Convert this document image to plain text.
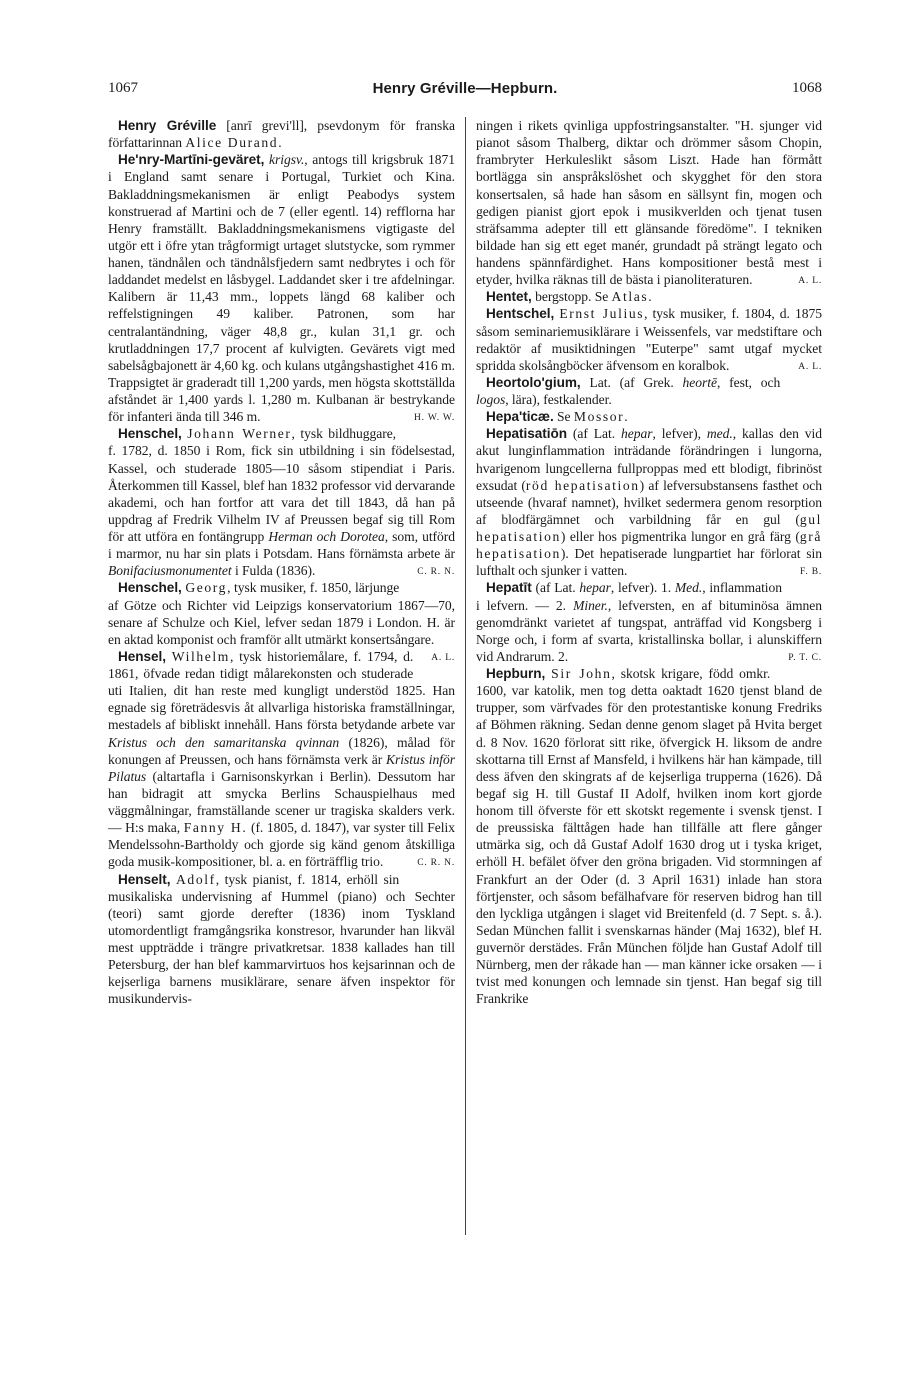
1067	Henry Gréville—Hepburn.	1068

Henry Gréville [anrī grevi'll], psevdonym för franska författarinnan Alice Durand.

He'nry-Martīni-geväret, krigsv., antogs till krigsbruk 1871 i England samt senare i Portugal, Turkiet och Kina. Bakladdningsmekanismen är enligt Peabodys system konstruerad af Martini och de 7 (eller egentl. 14) refflorna har Henry framställt. Bakladdningsmekanismens vigtigaste del utgör ett i öfre ytan trågformigt urtaget slutstycke, som rymmer hanen, tändnålen och tändnålsfjedern samt nedbrytes i och för laddandet medelst en låsbygel. Laddandet sker i tre afdelningar. Kalibern är 11,43 mm., loppets längd 68 kaliber och reffelstigningen 49 kaliber. Patronen, som har centralantändning, väger 48,8 gr., kulan 31,1 gr. och krutladdningen 17,7 procent af kulvigten. Gevärets vigt med sabelsågbajonett är 4,60 kg. och kulans utgångshastighet 416 m. Trappsigtet är graderadt till 1,200 yards, men högsta skottställda afståndet är 1,400 yards l. 1,280 m. Kulbanan är bestrykande för infanteri ända till 346 m.	H. W. W.

Henschel, Johann Werner, tysk bildhuggare, f. 1782, d. 1850 i Rom, fick sin utbildning i sin födelsestad, Kassel, och studerade 1805—10 såsom stipendiat i Paris. Återkommen till Kassel, blef han 1832 professor vid dervarande akademi, och han fortfor att vara det till 1843, då han på uppdrag af Fredrik Vilhelm IV af Preussen begaf sig till Rom för att utföra en fontängrupp Herman och Dorotea, som, utförd i marmor, nu har sin plats i Potsdam. Hans förnämsta arbete är Bonifaciusmonumentet i Fulda (1836).	C. R. N.

Henschel, Georg, tysk musiker, f. 1850, lärjunge af Götze och Richter vid Leipzigs konservatorium 1867—70, senare af Schulze och Kiel, lefver sedan 1879 i London. H. är en aktad komponist och framför allt utmärkt konsertsångare.
A. L.

Hensel, Wilhelm, tysk historiemålare, f. 1794, d. 1861, öfvade redan tidigt målarekonsten och studerade uti Italien, dit han reste med kungligt understöd 1825. Han egnade sig företrädesvis åt allvarliga historiska framställningar, mestadels af bibliskt innehåll. Hans första betydande arbete var Kristus och den samaritanska qvinnan (1826), målad för konungen af Preussen, och hans förnämsta verk är Kristus inför Pilatus (altartafla i Garnisonskyrkan i Berlin). Dessutom har han bidragit att smycka Berlins Schauspielhaus med väggmålningar, framställande scener ur tragiska skalders verk. — H:s maka, Fanny H. (f. 1805, d. 1847), var syster till Felix Mendelssohn-Bartholdy och gjorde sig känd genom åtskilliga goda musik-kompositioner, bl. a. en förträfflig trio.	C. R. N.

Henselt, Adolf, tysk pianist, f. 1814, erhöll sin musikaliska undervisning af Hummel (piano) och Sechter (teori) samt gjorde derefter (1836) inom Tyskland utomordentligt framgångsrika konstresor, hvarunder han likväl mest uppträdde i trängre privatkretsar. 1838 kallades han till Petersburg, der han blef kammarvirtuos hos kejsarinnan och de kejserliga barnens musiklärare, senare äfven inspektor för musikundervis-

ningen i rikets qvinliga uppfostringsanstalter. "H. sjunger vid pianot såsom Thalberg, diktar och drömmer såsom Chopin, frambryter Herkuleslikt såsom Liszt. Hade han förmått bortlägga sin anspråkslöshet och skygghet för den stora konsertsalen, så hade han såsom en sällsynt fin, mogen och gedigen pianist gjort epok i musikverlden och tjenat tusen sträfsamma adepter till ett glänsande föredöme". I tekniken bildade han sig ett eget manér, grundadt på strängt legato och handens spännfärdighet. Hans kompositioner bestå mest i etyder, hvilka räknas till de bästa i pianoliteraturen.	A. L.

Hentet, bergstopp. Se Atlas.

Hentschel, Ernst Julius, tysk musiker, f. 1804, d. 1875 såsom seminariemusiklärare i Weissenfels, var medstiftare och redaktör af musiktidningen "Euterpe" samt utgaf mycket spridda skolsångböcker äfvensom en koralbok.	A. L.

Heortolo'gium, Lat. (af Grek. heortē, fest, och logos, lära), festkalender.

Hepa'ticæ. Se Mossor.

Hepatisatiōn (af Lat. hepar, lefver), med., kallas den vid akut lunginflammation inträdande förändringen i lungorna, hvarigenom lungcellerna fullproppas med ett blodigt, fibrinöst exsudat (röd hepatisation) af lefversubstansens fasthet och utseende (hvaraf namnet), hvilket sedermera genom resorption af blodfärgämnet och varbildning får en gul (gul hepatisation) eller hos pigmentrika lungor en grå färg (grå hepatisation). Det hepatiserade lungpartiet har förlorat sin lufthalt och sjunker i vatten.	F. B.

Hepatīt (af Lat. hepar, lefver). 1. Med., inflammation i lefvern. — 2. Miner., lefversten, en af bituminösa ämnen genomdränkt varietet af tungspat, anträffad vid Kongsberg i Norge och, i form af svarta, kristallinska bollar, i alunskiffern vid Andrarum. 2.	P. T. C.

Hepburn, Sir John, skotsk krigare, född omkr. 1600, var katolik, men tog detta oaktadt 1620 tjenst bland de trupper, som värfvades för den protestantiske konung Fredriks af Böhmen räkning. Sedan denne genom slaget på Hvita berget d. 8 Nov. 1620 förlorat sitt rike, öfvergick H. liksom de andre skottarna till Ernst af Mansfeld, i hvilkens här han kämpade, till dess äfven den skingrats af de kejserliga trupperna (1626). Då begaf sig H. till Gustaf II Adolf, hvilken inom kort gjorde honom till öfverste för ett skotskt regemente i svensk tjenst. I de preussiska fälttågen hade han tillfälle att flere gånger utmärka sig, och då Gustaf Adolf 1630 drog ut i tyska kriget, erhöll H. befälet öfver den gröna brigaden. Vid stormningen af Frankfurt an der Oder (d. 3 April 1631) inlade han stora förtjenster, och såsom befälhafvare för reserven bidrog han till den lyckliga utgången i slaget vid Breitenfeld (d. 7 Sept. s. å.). Sedan München fallit i svenskarnas händer (Maj 1632), blef H. guvernör derstädes. Från München följde han Gustaf Adolf till Nürnberg, men der råkade han — man känner icke orsaken — i tvist med konungen och lemnade sin tjenst. Han begaf sig till Frankrike
